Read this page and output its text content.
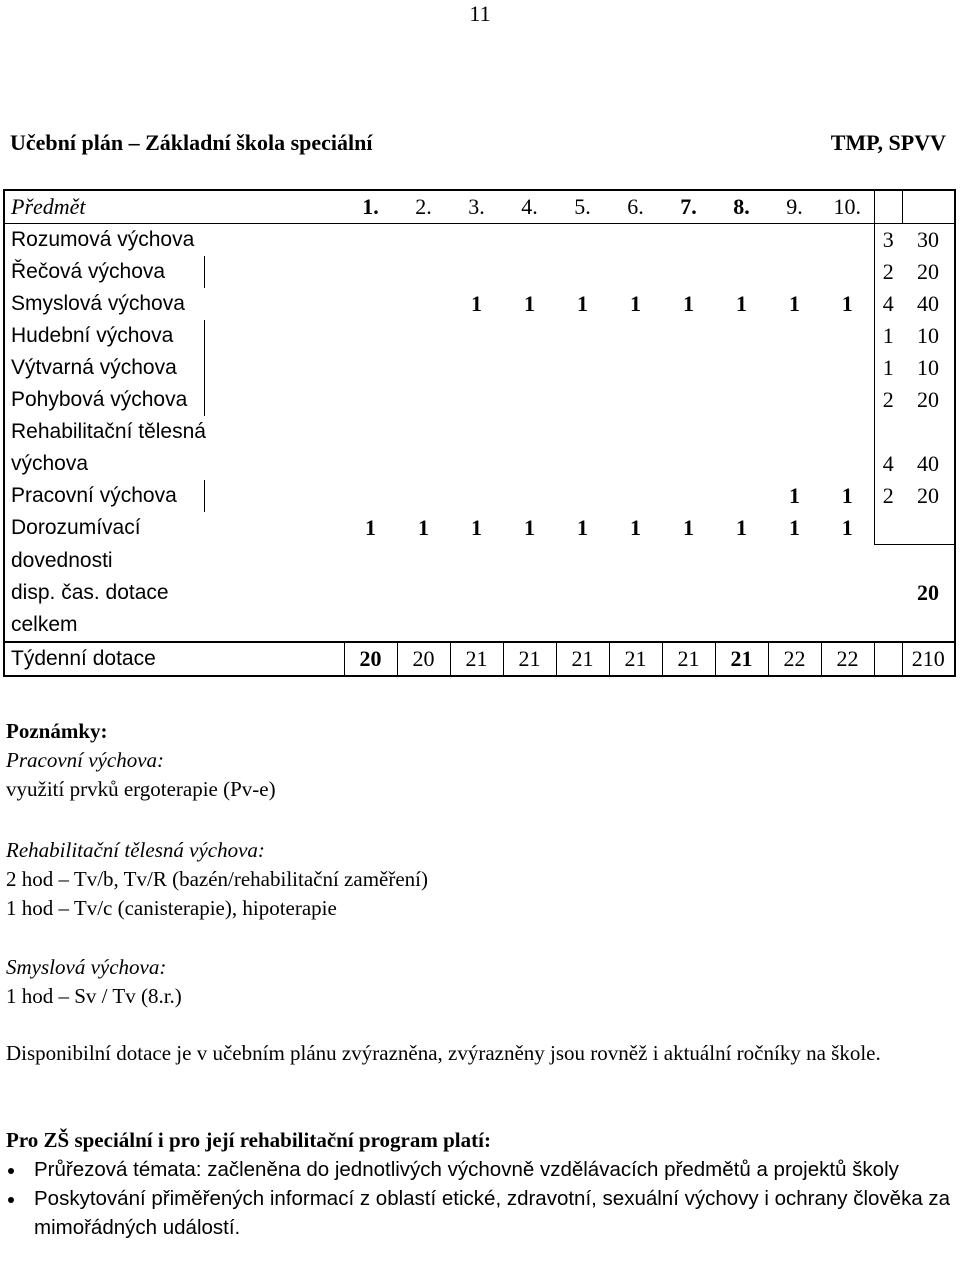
11
Učební plán – Základní škola speciální	TMP, SPVV
Předmět		1.	2.	3.	4.	5.	6.	7.	8.	9.	10.		
Rozumová výchova												3	30
Řečová výchova												2	20
Smyslová výchova				1	1	1	1	1	1	1	1	4	40
Hudební výchova												1	10
Výtvarná výchova												1	10
Pohybová výchova												2	20
Rehabilitační tělesná													
výchova												4	40
Pracovní výchova										1	1	2	20
Dorozumívací		1	1	1	1	1	1	1	1	1	1		
dovednosti													
disp. čas. dotace													20
celkem													
Týdenní dotace		20	20	21	21	21	21	21	21	22	22		210
Poznámky:
Pracovní výchova:
využití prvků ergoterapie (Pv-e)
Rehabilitační tělesná výchova:
2 hod – Tv/b, Tv/R (bazén/rehabilitační zaměření)
1 hod – Tv/c (canisterapie), hipoterapie
Smyslová výchova:
1 hod – Sv / Tv (8.r.)
Disponibilní dotace je v učebním plánu zvýrazněna, zvýrazněny jsou rovněž i aktuální ročníky na škole.
Pro ZŠ speciální i pro její rehabilitační program platí:
Průřezová témata: začleněna do jednotlivých výchovně vzdělávacích předmětů a projektů školy
Poskytování přiměřených informací z oblastí etické, zdravotní, sexuální výchovy i ochrany člověka za mimořádných událostí.
